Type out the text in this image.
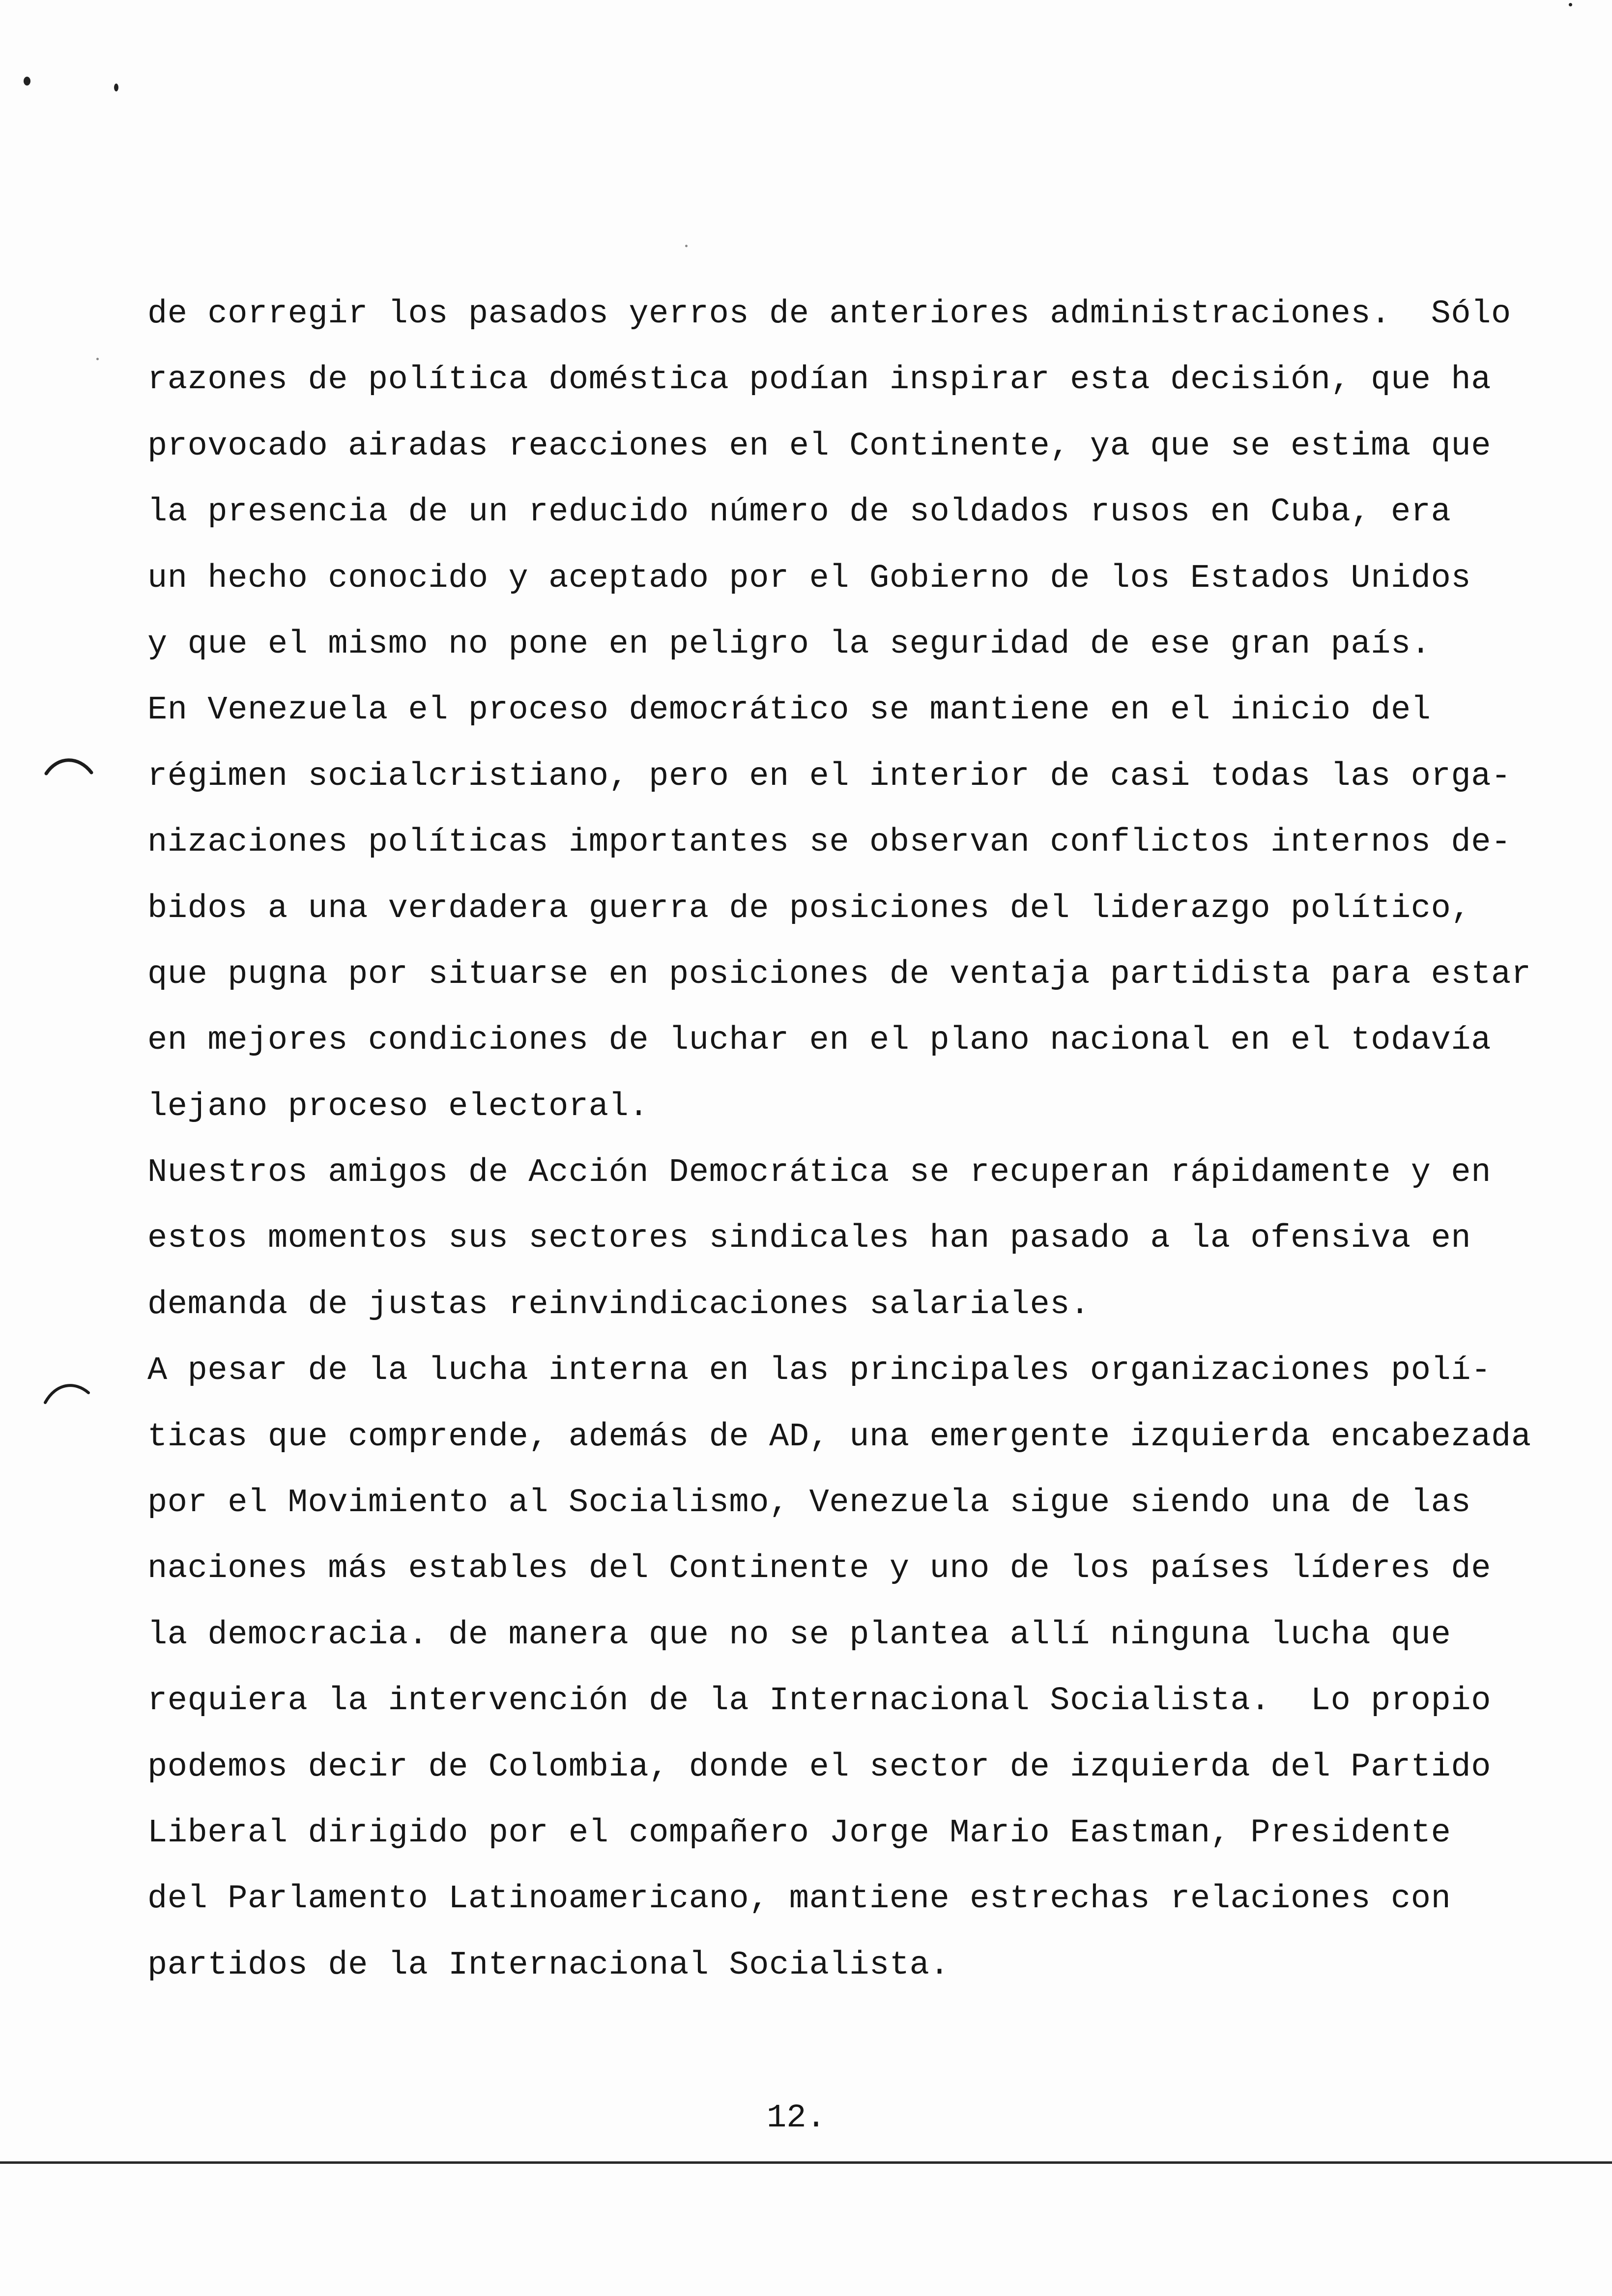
de corregir los pasados yerros de anteriores administraciones.  Sólo
razones de política doméstica podían inspirar esta decisión, que ha
provocado airadas reacciones en el Continente, ya que se estima que
la presencia de un reducido número de soldados rusos en Cuba, era
un hecho conocido y aceptado por el Gobierno de los Estados Unidos
y que el mismo no pone en peligro la seguridad de ese gran país.
En Venezuela el proceso democrático se mantiene en el inicio del
régimen socialcristiano, pero en el interior de casi todas las orga-
nizaciones políticas importantes se observan conflictos internos de-
bidos a una verdadera guerra de posiciones del liderazgo político,
que pugna por situarse en posiciones de ventaja partidista para estar
en mejores condiciones de luchar en el plano nacional en el todavía
lejano proceso electoral.
Nuestros amigos de Acción Democrática se recuperan rápidamente y en
estos momentos sus sectores sindicales han pasado a la ofensiva en
demanda de justas reinvindicaciones salariales.
A pesar de la lucha interna en las principales organizaciones polí-
ticas que comprende, además de AD, una emergente izquierda encabezada
por el Movimiento al Socialismo, Venezuela sigue siendo una de las
naciones más estables del Continente y uno de los países líderes de
la democracia. de manera que no se plantea allí ninguna lucha que
requiera la intervención de la Internacional Socialista.  Lo propio
podemos decir de Colombia, donde el sector de izquierda del Partido
Liberal dirigido por el compañero Jorge Mario Eastman, Presidente
del Parlamento Latinoamericano, mantiene estrechas relaciones con
partidos de la Internacional Socialista.
12.
